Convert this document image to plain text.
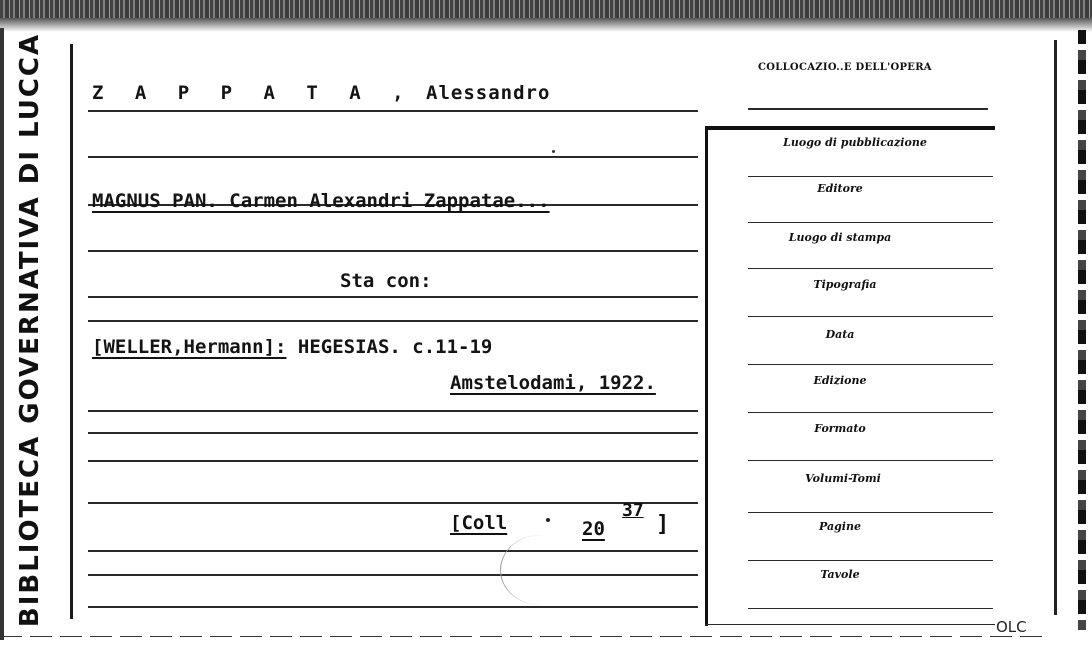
BIBLIOTECA GOVERNATIVA DI LUCCA Z A P P A T A , Alessandro
MAGNUS PAN. Carmen Alexandri Zappatae...
Sta con:
[WELLER,Hermann]: HEGESIAS. c.11-19
Amstelodami, 1922.
[Coll	20
37
]
COLLOCAZIO..E DELL'OPERA
Luogo di pubblicazione
Editore
Luogo di stampa
Tipografia
Data
Edizione
Formato
Volumi-Tomi
Pagine
Tavole
OLC
